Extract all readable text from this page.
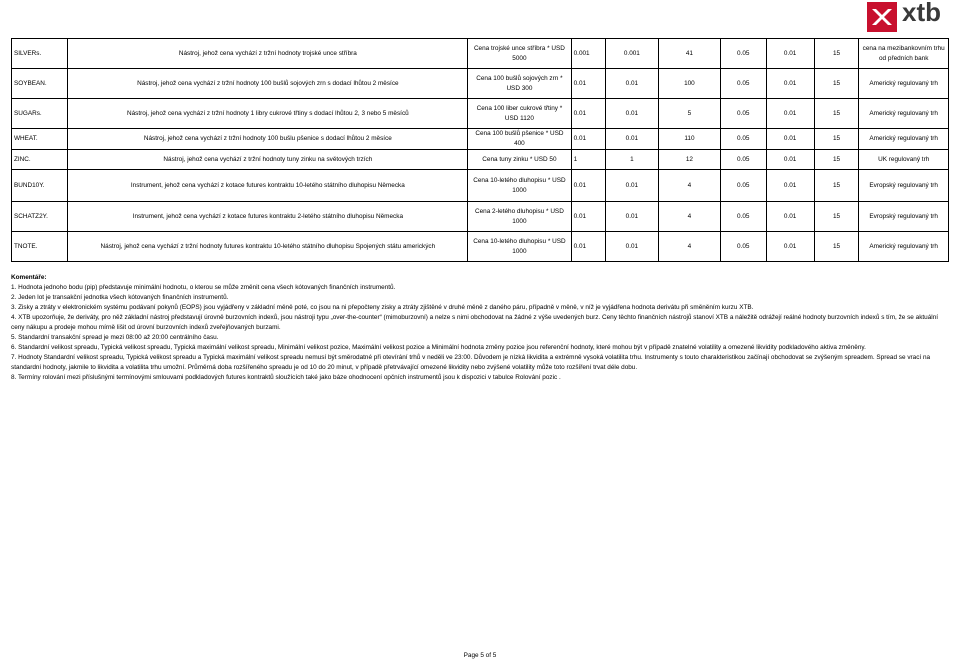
xtb
SILVERs.	Nástroj, jehož cena vychází z tržní hodnoty trojské unce stříbra	Cena trojské unce stříbra * USD 5000	0.001	0.001	41	0.05	0.01	15	cena na mezibankovním trhu od předních bank
SOYBEAN.	Nástroj, jehož cena vychází z tržní hodnoty 100 bušlů sojových zrn s dodací lhůtou 2 měsíce	Cena 100 bušlů sojových zrn * USD 300	0.01	0.01	100	0.05	0.01	15	Americký regulovaný trh
SUGARs.	Nástroj, jehož cena vychází z tržní hodnoty 1 libry cukrové třtiny s dodací lhůtou 2, 3 nebo 5 měsíců	Cena 100 liber cukrové třtiny * USD 1120	0.01	0.01	5	0.05	0.01	15	Americký regulovaný trh
WHEAT.	Nástroj, jehož cena vychází z tržní hodnoty 100 bušlu pšenice s dodací lhůtou 2 měsíce	Cena 100 bušlů pšenice * USD 400	0.01	0.01	110	0.05	0.01	15	Americký regulovaný trh
ZINC.	Nástroj, jehož cena vychází z tržní hodnoty tuny zinku na světových trzích	Cena tuny zinku * USD 50	1	1	12	0.05	0.01	15	UK regulovaný trh
BUND10Y.	Instrument, jehož cena vychází z kotace futures kontraktu 10-letého státního dluhopisu Německa	Cena 10-letého dluhopisu * USD 1000	0.01	0.01	4	0.05	0.01	15	Evropský regulovaný trh
SCHATZ2Y.	Instrument, jehož cena vychází z kotace futures kontraktu 2-letého státního dluhopisu Německa	Cena 2-letého dluhopisu * USD 1000	0.01	0.01	4	0.05	0.01	15	Evropský regulovaný trh
TNOTE.	Nástroj, jehož cena vychází z tržní hodnoty futures kontraktu 10-letého státního dluhopisu Spojených státu amerických	Cena 10-letého dluhopisu * USD 1000	0.01	0.01	4	0.05	0.01	15	Americký regulovaný trh

Komentáře:

1. Hodnota jednoho bodu (pip) představuje minimální hodnotu, o kterou se může změnit cena všech kótovaných finančních instrumentů.

2. Jeden lot je transakční jednotka všech kótovaných finančních instrumentů.

3. Zisky a ztráty v elektronickém systému podávaní pokynů (EOPS) jsou vyjádřeny v základní měně poté, co jsou na ni přepočteny zisky a ztráty zjištěné v druhé měně z daného páru, případně v měně, v níž je vyjádřena hodnota derivátu při směněním kurzu XTB.

4. XTB upozorňuje, že deriváty, pro něž základní nástroj představují úrovně burzovních indexů, jsou nástroji typu „over-the-counter“ (mimoburzovní) a nelze s nimi obchodovat na žádné z výše uvedených burz. Ceny těchto finančních nástrojů stanoví XTB a náležitě odrážejí reálné hodnoty burzovních indexů s tím, že se aktuální ceny nákupu a prodeje mohou mírně lišit od úrovní burzovních indexů zveřejňovaných burzami.

5. Standardní transakční spread je mezi 08:00 až 20:00 centrálního času.

6. Standardní velikost spreadu, Typická velikost spreadu, Typická maximální velikost spreadu, Minimální velikost pozice, Maximální velikost pozice a Minimální hodnota změny pozice jsou referenční hodnoty, které mohou být v případě znatelné volatility a omezené likvidity podkladového aktiva změněny.

7. Hodnoty Standardní velikost spreadu, Typická velikost spreadu a Typická maximální velikost spreadu nemusí být směrodatné při otevírání trhů v neděli ve 23:00. Důvodem je nízká likvidita a extrémně vysoká volatilita trhu. Instrumenty s touto charakteristikou začínají obchodovat se zvýšeným spreadem. Spread se vrací na standardní hodnoty, jakmile to likvidita a volatilita trhu umožní. Průměrná doba rozšířeného spreadu je od 10 do 20 minut, v případě přetrvávající omezené likvidity nebo zvýšené volatility může toto rozšíření trvat déle dobu.

8. Termíny rolování mezi příslušnými termínovými smlouvami podkladových futures kontraktů sloužících také jako báze ohodnocení opčních instrumentů jsou k dispozici v tabulce Rolování pozic .

Page 5 of 5
